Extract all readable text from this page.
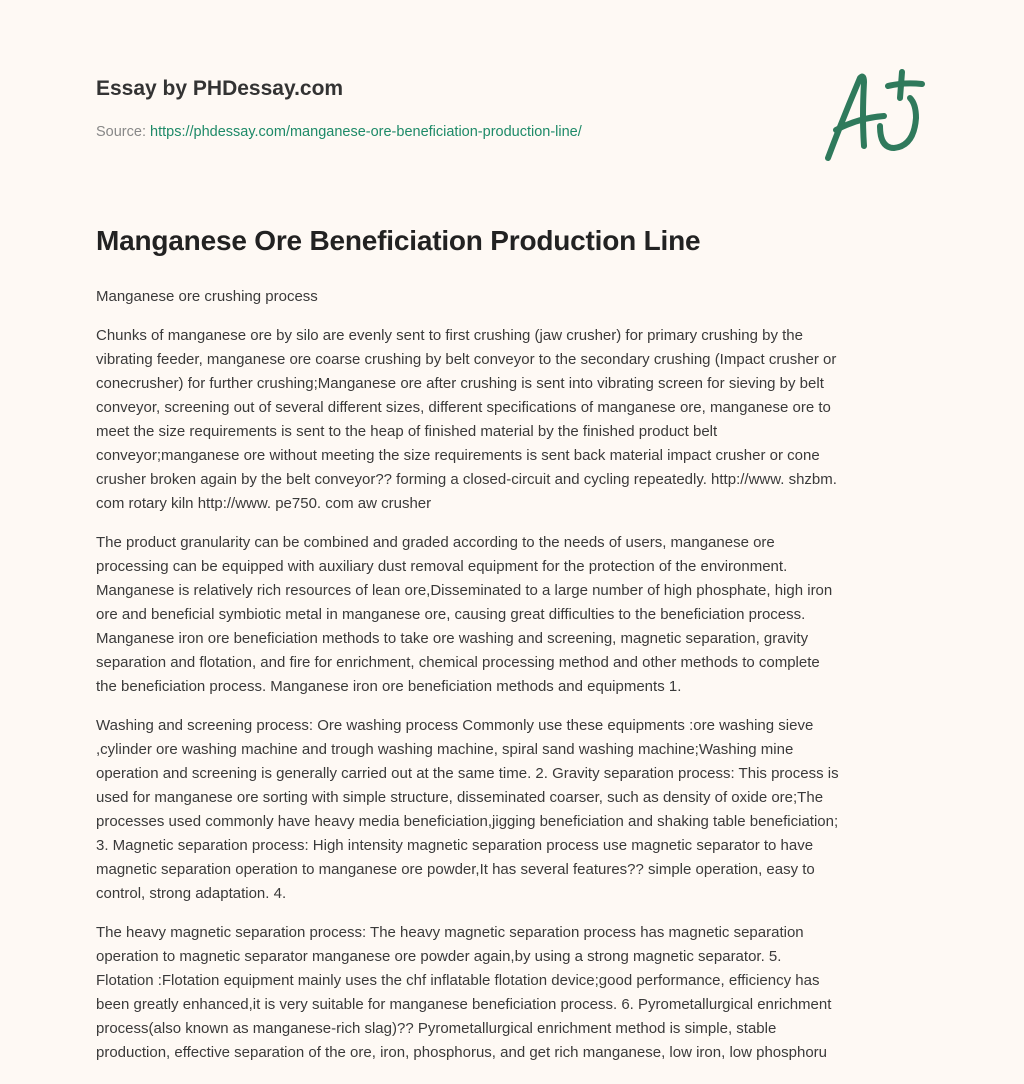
Essay by PHDessay.com
Source: https://phdessay.com/manganese-ore-beneficiation-production-line/
Manganese Ore Beneficiation Production Line

Manganese ore crushing process

Chunks of manganese ore by silo are evenly sent to first crushing (jaw crusher) for primary crushing by the
vibrating feeder, manganese ore coarse crushing by belt conveyor to the secondary crushing (Impact crusher or
conecrusher) for further crushing;Manganese ore after crushing is sent into vibrating screen for sieving by belt
conveyor, screening out of several different sizes, different specifications of manganese ore, manganese ore to
meet the size requirements is sent to the heap of finished material by the finished product belt
conveyor;manganese ore without meeting the size requirements is sent back material impact crusher or cone
crusher broken again by the belt conveyor?? forming a closed-circuit and cycling repeatedly. http://www. shzbm.
com rotary kiln http://www. pe750. com aw crusher

The product granularity can be combined and graded according to the needs of users, manganese ore
processing can be equipped with auxiliary dust removal equipment for the protection of the environment.
Manganese is relatively rich resources of lean ore,Disseminated to a large number of high phosphate, high iron
ore and beneficial symbiotic metal in manganese ore, causing great difficulties to the beneficiation process.
Manganese iron ore beneficiation methods to take ore washing and screening, magnetic separation, gravity
separation and flotation, and fire for enrichment, chemical processing method and other methods to complete
the beneficiation process. Manganese iron ore beneficiation methods and equipments 1.

Washing and screening process: Ore washing process Commonly use these equipments :ore washing sieve
,cylinder ore washing machine and trough washing machine, spiral sand washing machine;Washing mine
operation and screening is generally carried out at the same time. 2. Gravity separation process: This process is
used for manganese ore sorting with simple structure, disseminated coarser, such as density of oxide ore;The
processes used commonly have heavy media beneficiation,jigging beneficiation and shaking table beneficiation;
3. Magnetic separation process: High intensity magnetic separation process use magnetic separator to have
magnetic separation operation to manganese ore powder,It has several features?? simple operation, easy to
control, strong adaptation. 4.

The heavy magnetic separation process: The heavy magnetic separation process has magnetic separation
operation to magnetic separator manganese ore powder again,by using a strong magnetic separator. 5.
Flotation :Flotation equipment mainly uses the chf inflatable flotation device;good performance, efficiency has
been greatly enhanced,it is very suitable for manganese beneficiation process. 6. Pyrometallurgical enrichment
process(also known as manganese-rich slag)?? Pyrometallurgical enrichment method is simple, stable
production, effective separation of the ore, iron, phosphorus, and get rich manganese, low iron, low phosphoru
